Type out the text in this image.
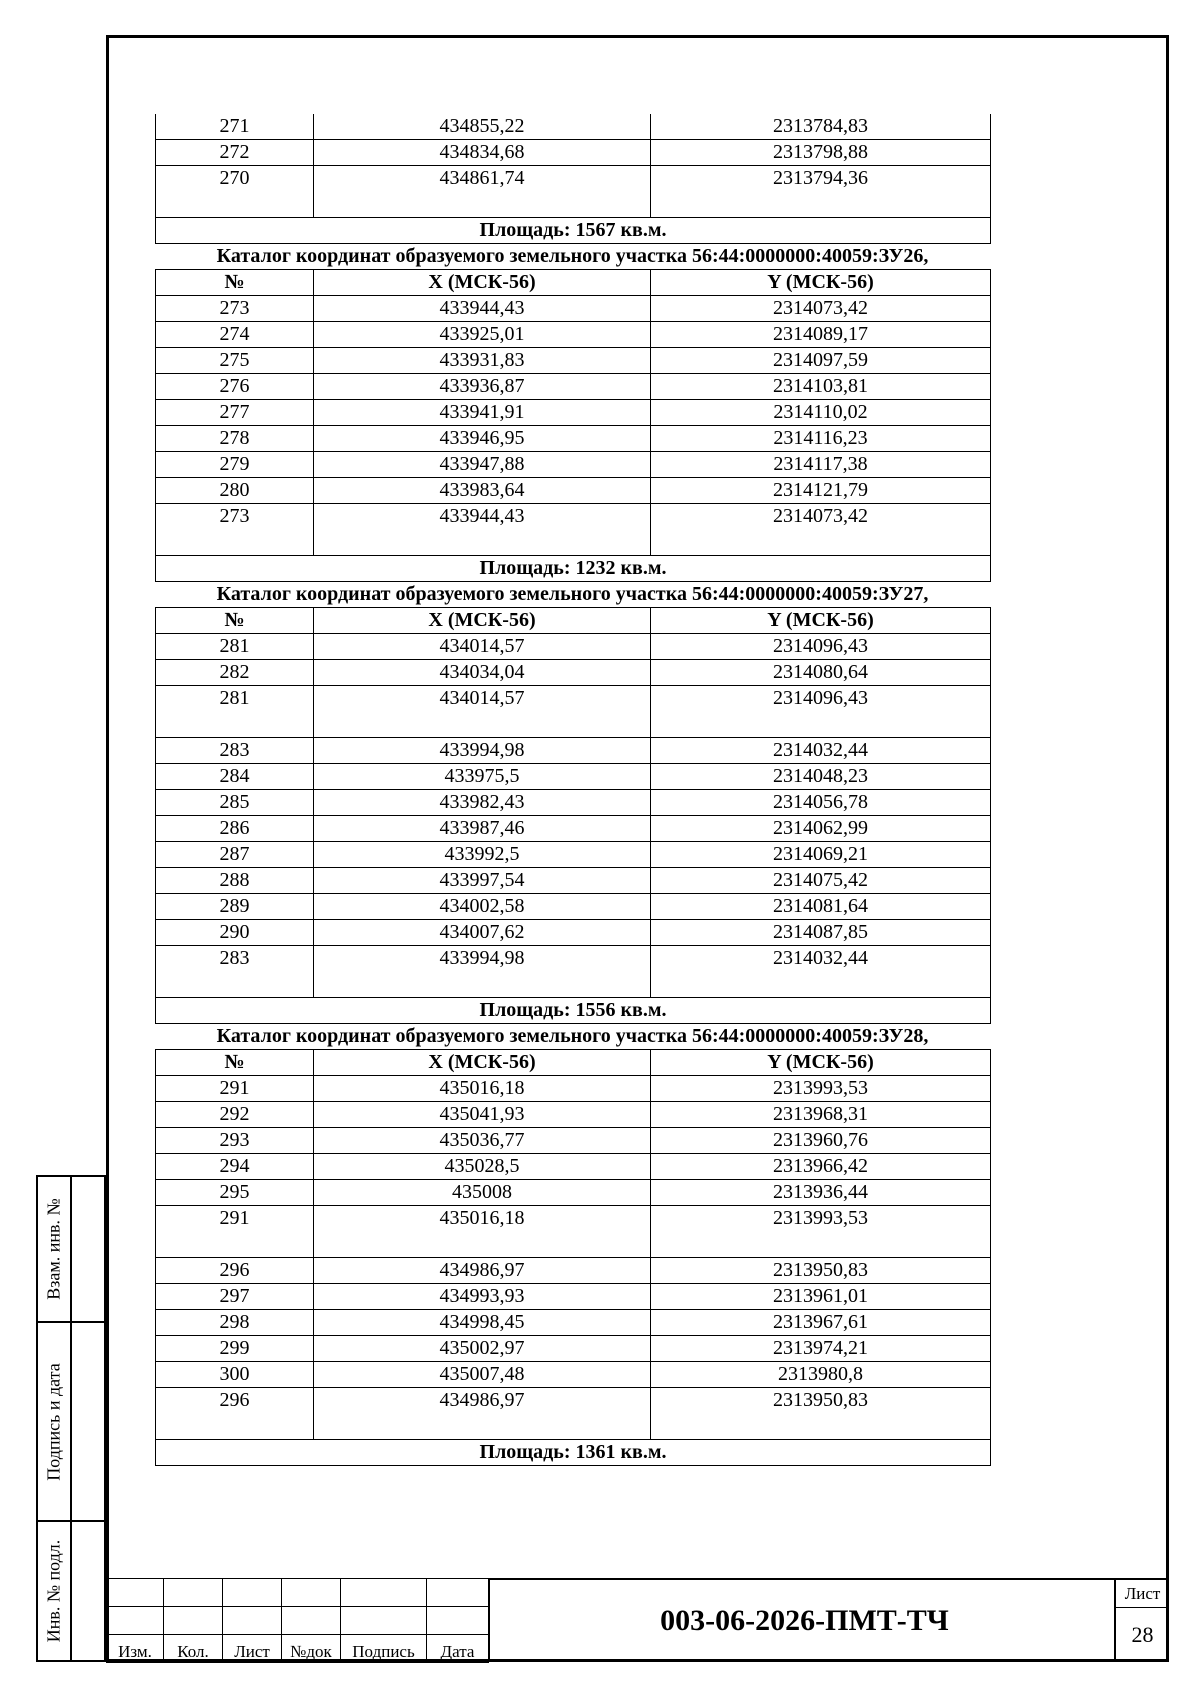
271	434855,22	2313784,83
272	434834,68	2313798,88
270	434861,74	2313794,36
Площадь: 1567 кв.м.		
Каталог координат образуемого земельного участка 56:44:0000000:40059:ЗУ26,
№	X (МСК-56)	Y (МСК-56)
273	433944,43	2314073,42
274	433925,01	2314089,17
275	433931,83	2314097,59
276	433936,87	2314103,81
277	433941,91	2314110,02
278	433946,95	2314116,23
279	433947,88	2314117,38
280	433983,64	2314121,79
273	433944,43	2314073,42
Площадь: 1232 кв.м.		
Каталог координат образуемого земельного участка 56:44:0000000:40059:ЗУ27,
№	X (МСК-56)	Y (МСК-56)
281	434014,57	2314096,43
282	434034,04	2314080,64
281	434014,57	2314096,43
283	433994,98	2314032,44
284	433975,5	2314048,23
285	433982,43	2314056,78
286	433987,46	2314062,99
287	433992,5	2314069,21
288	433997,54	2314075,42
289	434002,58	2314081,64
290	434007,62	2314087,85
283	433994,98	2314032,44
Площадь: 1556 кв.м.		
Каталог координат образуемого земельного участка 56:44:0000000:40059:ЗУ28,
№	X (МСК-56)	Y (МСК-56)
291	435016,18	2313993,53
292	435041,93	2313968,31
293	435036,77	2313960,76
294	435028,5	2313966,42
295	435008	2313936,44
291	435016,18	2313993,53
296	434986,97	2313950,83
297	434993,93	2313961,01
298	434998,45	2313967,61
299	435002,97	2313974,21
300	435007,48	2313980,8
296	434986,97	2313950,83
Площадь: 1361 кв.м.		
Взам. инв. №
Подпись и дата
Инв. № подл.

Изм.	Кол.	Лист	№док	Подпись	Дата
003-06-2026-ПМТ-ТЧ
Лист
28
